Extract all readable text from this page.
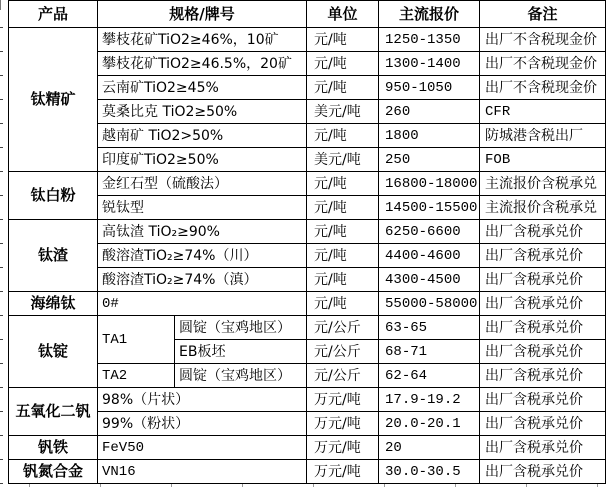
产品	规格/牌号		单位	主流报价	备注
钛精矿	攀枝花矿TiO2≥46%，10矿		元/吨	1250-1350	出厂不含税现金价
	攀枝花矿TiO2≥46.5%，20矿		元/吨	1300-1400	出厂不含税现金价
	云南矿TiO2≥45%		元/吨	950-1050	出厂不含税现金价
	莫桑比克 TiO2≥50%		美元/吨	260	CFR
	越南矿 TiO2>50%		元/吨	1800	防城港含税出厂
	印度矿TiO2≥50%		美元/吨	250	FOB
钛白粉	金红石型（硫酸法）		元/吨	16800-18000	主流报价含税承兑
	锐钛型		元/吨	14500-15500	主流报价含税承兑
钛渣	高钛渣 TiO₂≥90%		元/吨	6250-6600	出厂含税承兑价
	酸溶渣TiO₂≥74%（川）		元/吨	4400-4600	出厂含税承兑价
	酸溶渣TiO₂≥74%（滇）		元/吨	4300-4500	出厂含税承兑价
海绵钛	0#		元/吨	55000-58000	出厂含税承兑价
钛锭	TA1	圆锭（宝鸡地区）	元/公斤	63-65	出厂含税承兑价
		EB板坯	元/公斤	68-71	出厂含税承兑价
	TA2	圆锭（宝鸡地区）	元/公斤	62-64	出厂含税承兑价
五氧化二钒	98%（片状）		万元/吨	17.9-19.2	出厂含税承兑价
	99%（粉状）		万元/吨	20.0-20.1	出厂含税承兑价
钒铁	FeV50		万元/吨	20	出厂含税承兑价
钒氮合金	VN16		万元/吨	30.0-30.5	出厂含税承兑价
